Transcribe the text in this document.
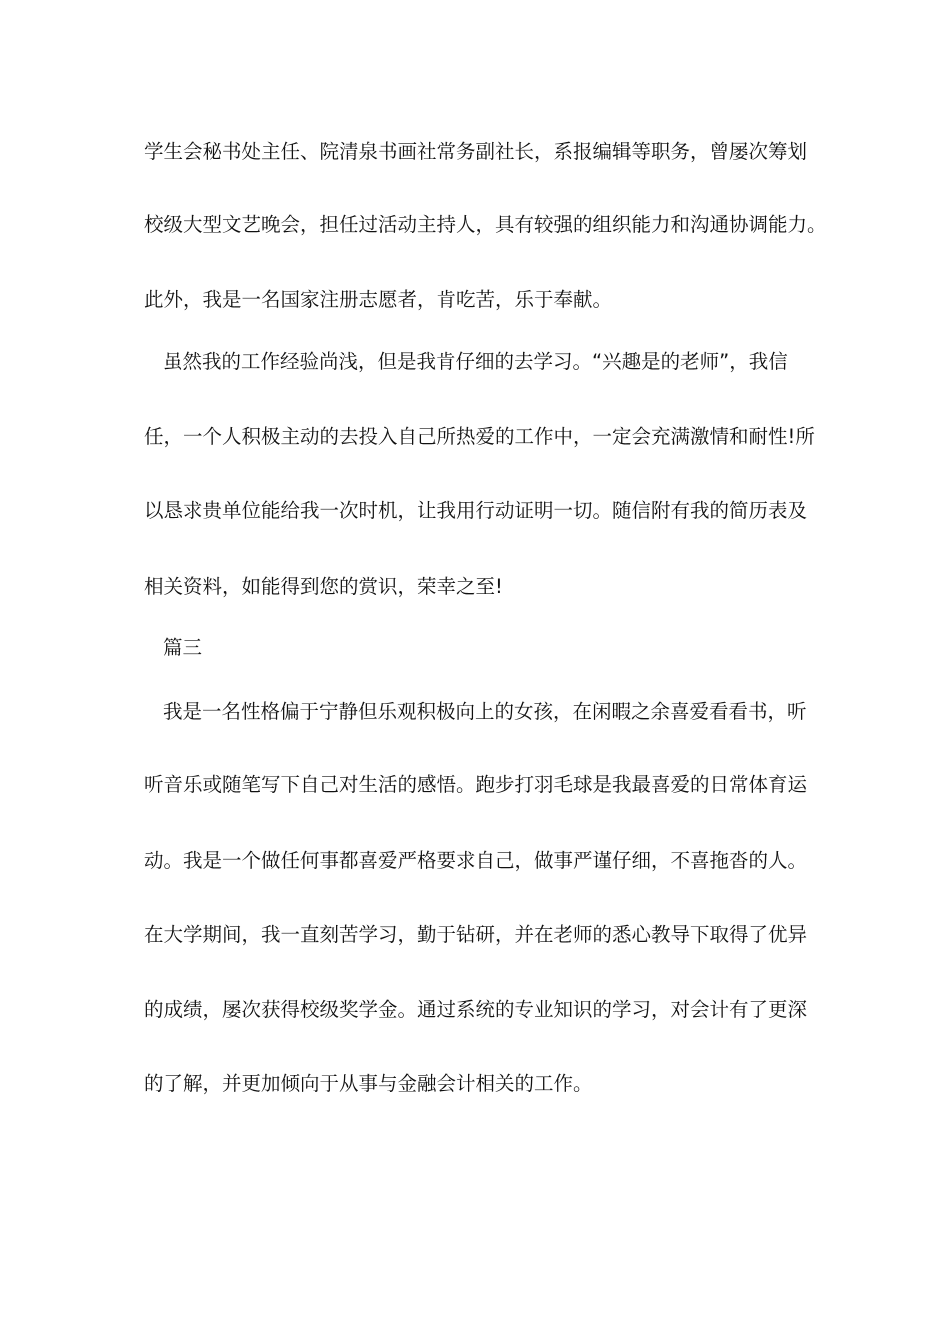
学生会秘书处主任、院清泉书画社常务副社长，系报编辑等职务，曾屡次筹划
校级大型文艺晚会，担任过活动主持人，具有较强的组织能力和沟通协调能力。
此外，我是一名国家注册志愿者，肯吃苦，乐于奉献。
虽然我的工作经验尚浅，但是我肯仔细的去学习。“兴趣是的老师”，我信
任，一个人积极主动的去投入自己所热爱的工作中，一定会充满激情和耐性!所
以恳求贵单位能给我一次时机，让我用行动证明一切。随信附有我的简历表及
相关资料，如能得到您的赏识，荣幸之至!
篇三
我是一名性格偏于宁静但乐观积极向上的女孩，在闲暇之余喜爱看看书，听
听音乐或随笔写下自己对生活的感悟。跑步打羽毛球是我最喜爱的日常体育运
动。我是一个做任何事都喜爱严格要求自己，做事严谨仔细，不喜拖沓的人。
在大学期间，我一直刻苦学习，勤于钻研，并在老师的悉心教导下取得了优异
的成绩，屡次获得校级奖学金。通过系统的专业知识的学习，对会计有了更深
的了解，并更加倾向于从事与金融会计相关的工作。
